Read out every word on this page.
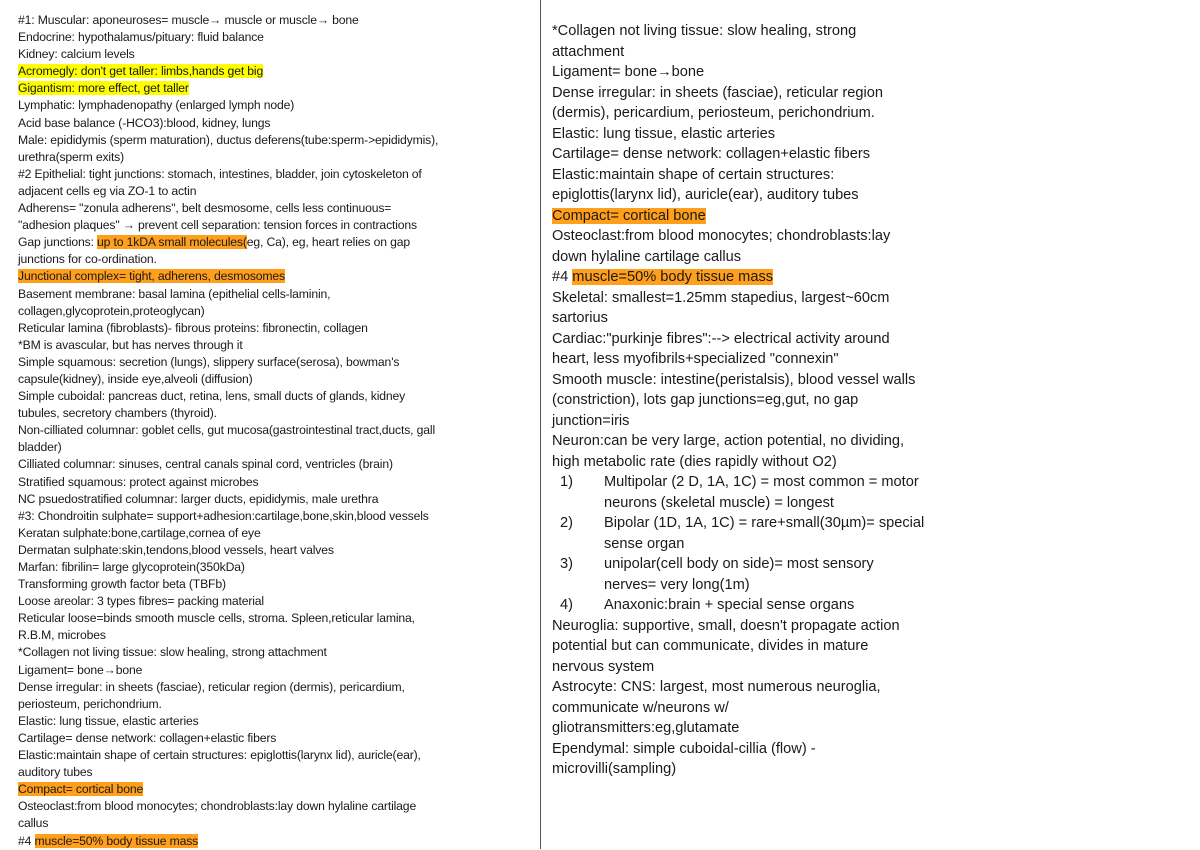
#1: Muscular: aponeuroses= muscle→ muscle or muscle→ bone
Endocrine: hypothalamus/pituary: fluid balance
Kidney: calcium levels
Acromegly: don't get taller: limbs,hands get big
Gigantism: more effect, get taller
Lymphatic: lymphadenopathy (enlarged lymph node)
Acid base balance (-HCO3):blood, kidney, lungs
Male: epididymis (sperm maturation), ductus deferens(tube:sperm->epididymis),
urethra(sperm exits)
#2 Epithelial: tight junctions: stomach, intestines, bladder, join cytoskeleton of
adjacent cells eg via ZO-1 to actin
Adherens= "zonula adherens", belt desmosome, cells less continuous=
"adhesion plaques" → prevent cell separation: tension forces in contractions
Gap junctions: up to 1kDA small molecules(eg, Ca), eg, heart relies on gap
junctions for co-ordination.
Junctional complex= tight, adherens, desmosomes
Basement membrane: basal lamina (epithelial cells-laminin,
collagen,glycoprotein,proteoglycan)
Reticular lamina (fibroblasts)- fibrous proteins: fibronectin, collagen
*BM is avascular, but has nerves through it
Simple squamous: secretion (lungs), slippery surface(serosa), bowman's
capsule(kidney), inside eye,alveoli (diffusion)
Simple cuboidal: pancreas duct, retina, lens, small ducts of glands, kidney
tubules, secretory chambers (thyroid).
Non-cilliated columnar: goblet cells, gut mucosa(gastrointestinal tract,ducts, gall
bladder)
Cilliated columnar: sinuses, central canals spinal cord, ventricles (brain)
Stratified squamous: protect against microbes
NC psuedostratified columnar: larger ducts, epididymis, male urethra
#3: Chondroitin sulphate= support+adhesion:cartilage,bone,skin,blood vessels
Keratan sulphate:bone,cartilage,cornea of eye
Dermatan sulphate:skin,tendons,blood vessels, heart valves
Marfan: fibrilin= large glycoprotein(350kDa)
Transforming growth factor beta (TBFb)
Loose areolar: 3 types fibres= packing material
Reticular loose=binds smooth muscle cells, stroma. Spleen,reticular lamina,
R.B.M, microbes
*Collagen not living tissue: slow healing, strong attachment
Ligament= bone→bone
Dense irregular: in sheets (fasciae), reticular region (dermis), pericardium,
periosteum, perichondrium.
Elastic: lung tissue, elastic arteries
Cartilage= dense network: collagen+elastic fibers
Elastic:maintain shape of certain structures: epiglottis(larynx lid), auricle(ear),
auditory tubes
Compact= cortical bone
Osteoclast:from blood monocytes; chondroblasts:lay down hylaline cartilage
callus
#4 muscle=50% body tissue mass
*Collagen not living tissue: slow healing, strong
attachment
Ligament= bone→bone
Dense irregular: in sheets (fasciae), reticular region
(dermis), pericardium, periosteum, perichondrium.
Elastic: lung tissue, elastic arteries
Cartilage= dense network: collagen+elastic fibers
Elastic:maintain shape of certain structures:
epiglottis(larynx lid), auricle(ear), auditory tubes
Compact= cortical bone
Osteoclast:from blood monocytes; chondroblasts:lay
down hylaline cartilage callus
#4 muscle=50% body tissue mass
Skeletal: smallest=1.25mm stapedius, largest~60cm
sartorius
Cardiac:"purkinje fibres":--> electrical activity around
heart, less myofibrils+specialized "connexin"
Smooth muscle: intestine(peristalsis), blood vessel walls
(constriction), lots gap junctions=eg,gut, no gap
junction=iris
Neuron:can be very large, action potential, no dividing,
high metabolic rate (dies rapidly without O2)
1)	Multipolar (2 D, 1A, 1C) = most common = motor
neurons (skeletal muscle) = longest
2)	Bipolar (1D, 1A, 1C) = rare+small(30µm)= special
sense organ
3)	unipolar(cell body on side)= most sensory
nerves= very long(1m)
4)	Anaxonic:brain + special sense organs
Neuroglia: supportive, small, doesn't propagate action
potential but can communicate, divides in mature
nervous system
Astrocyte: CNS: largest, most numerous neuroglia,
communicate w/neurons w/
gliotransmitters:eg,glutamate
Ependymal: simple cuboidal-cillia (flow) -
microvilli(sampling)
